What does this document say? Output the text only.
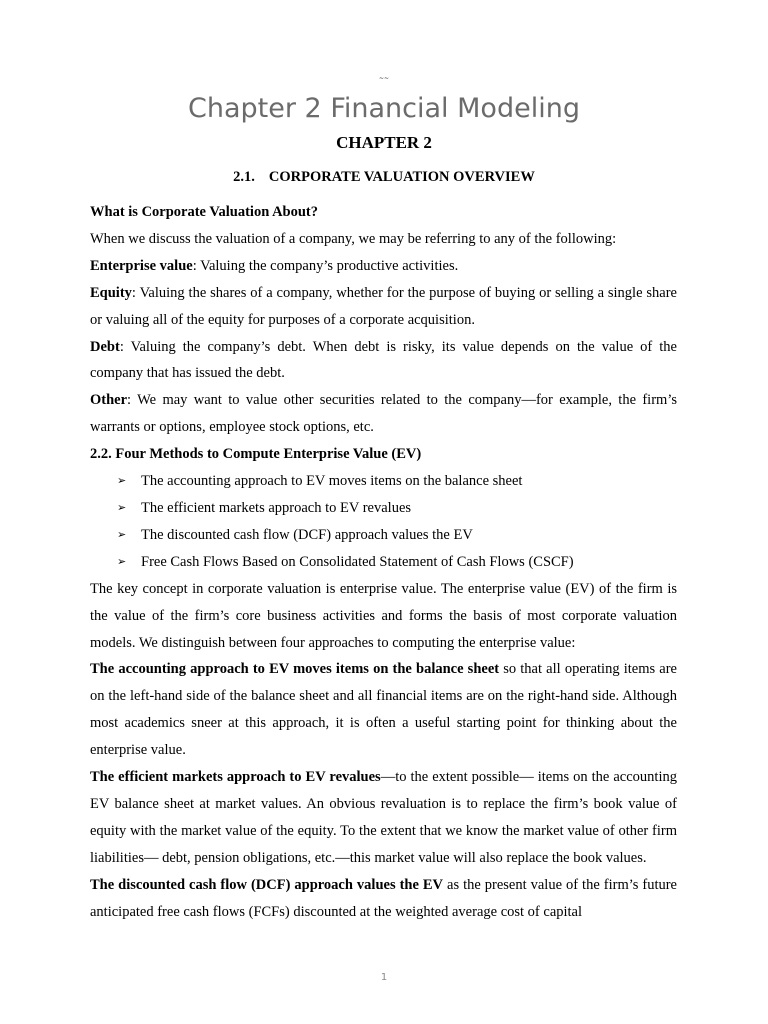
~~
Chapter 2 Financial Modeling
CHAPTER 2
2.1. CORPORATE VALUATION OVERVIEW

What is Corporate Valuation About?

When we discuss the valuation of a company, we may be referring to any of the following:

Enterprise value: Valuing the company’s productive activities.

Equity: Valuing the shares of a company, whether for the purpose of buying or selling a single share or valuing all of the equity for purposes of a corporate acquisition.

Debt: Valuing the company’s debt. When debt is risky, its value depends on the value of the company that has issued the debt.

Other: We may want to value other securities related to the company—for example, the firm’s warrants or options, employee stock options, etc.

2.2. Four Methods to Compute Enterprise Value (EV)

➢ The accounting approach to EV moves items on the balance sheet
➢ The efficient markets approach to EV revalues
➢ The discounted cash flow (DCF) approach values the EV
➢ Free Cash Flows Based on Consolidated Statement of Cash Flows (CSCF)

The key concept in corporate valuation is enterprise value. The enterprise value (EV) of the firm is the value of the firm’s core business activities and forms the basis of most corporate valuation models. We distinguish between four approaches to computing the enterprise value:

The accounting approach to EV moves items on the balance sheet so that all operating items are on the left-hand side of the balance sheet and all financial items are on the right-hand side. Although most academics sneer at this approach, it is often a useful starting point for thinking about the enterprise value.

The efficient markets approach to EV revalues—to the extent possible— items on the accounting EV balance sheet at market values. An obvious revaluation is to replace the firm’s book value of equity with the market value of the equity. To the extent that we know the market value of other firm liabilities— debt, pension obligations, etc.—this market value will also replace the book values.

The discounted cash flow (DCF) approach values the EV as the present value of the firm’s future anticipated free cash flows (FCFs) discounted at the weighted average cost of capital

1
